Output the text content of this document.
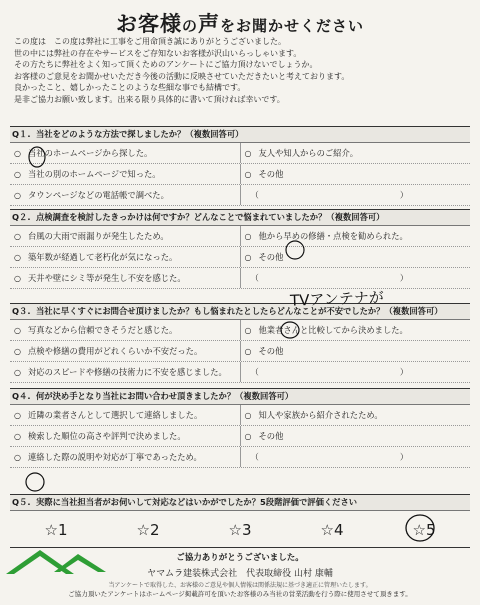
お客様の声をお聞かせください
この度は　この度は弊社に工事をご用命頂き誠にありがとうございました。
世の中には弊社の存在やサービスをご存知ないお客様が沢山いらっしゃいます。
その方たちに弊社をよく知って頂くためのアンケートにご協力頂けないでしょうか。
お客様のご意見をお聞かせいただき今後の活動に反映させていただきたいと考えております。
良かったこと、嬉しかったことのような些細な事でも結構です。
是非ご協力お願い致します。出来る限り具体的に書いて頂ければ幸いです。
Q１. 当社をどのような方法で探しましたか？（複数回答可）
○ 当社のホームページから探した。	○ 友人や知人からのご紹介。
○ 当社の別のホームページで知った。	○ その他
○ タウンページなどの電話帳で調べた。	（　　　　　　　　　　　　　　　　　）
Q２. 点検調査を検討したきっかけは何ですか？どんなことで悩まれていましたか？（複数回答可）
○ 台風の大雨で雨漏りが発生したため。	○ 他から早めの修繕・点検を勧められた。
○ 築年数が経過して老朽化が気になった。	○ その他
○ 天井や壁にシミ等が発生し不安を感じた。	（　　　　　　　　　　　　　　　　　）
Q３. 当社に早くすぐにお問合せ頂けましたか？もし悩まれたとしたらどんなことが不安でしたか？（複数回答可）
○ 写真などから信頼できそうだと感じた。	○ 他業者さんと比較してから決めました。
○ 点検や修繕の費用がどれくらいか不安だった。	○ その他
○ 対応のスピードや修繕の技術力に不安を感じました。	（　　　　　　　　　　　　　　　　　）
Q４. 何が決め手となり当社にお問い合わせ頂きましたか？（複数回答可）
○ 近隣の業者さんとして選択して連絡しました。	○ 知人や家族から紹介されたため。
○ 検索した順位の高さや評判で決めました。	○ その他
○ 連絡した際の説明や対応が丁寧であったため。	（　　　　　　　　　　　　　　　　　）
Q５. 実際に当社担当者がお伺いして対応などはいかがでしたか？5段階評価で評価ください
☆1	☆2	☆3	☆4	☆5
ご協力ありがとうございました。
ヤマムラ建装株式会社　代表取締役 山村 康輔
当アンケートで取得した、お客様のご意見や個人情報は関係法規に基づき適正に管理いたします。
ご協力頂いたアンケートはホームページ掲載許可を頂いたお客様のみ当社の営業活動を行う際に使用させて頂きます。
TVアンテナが
